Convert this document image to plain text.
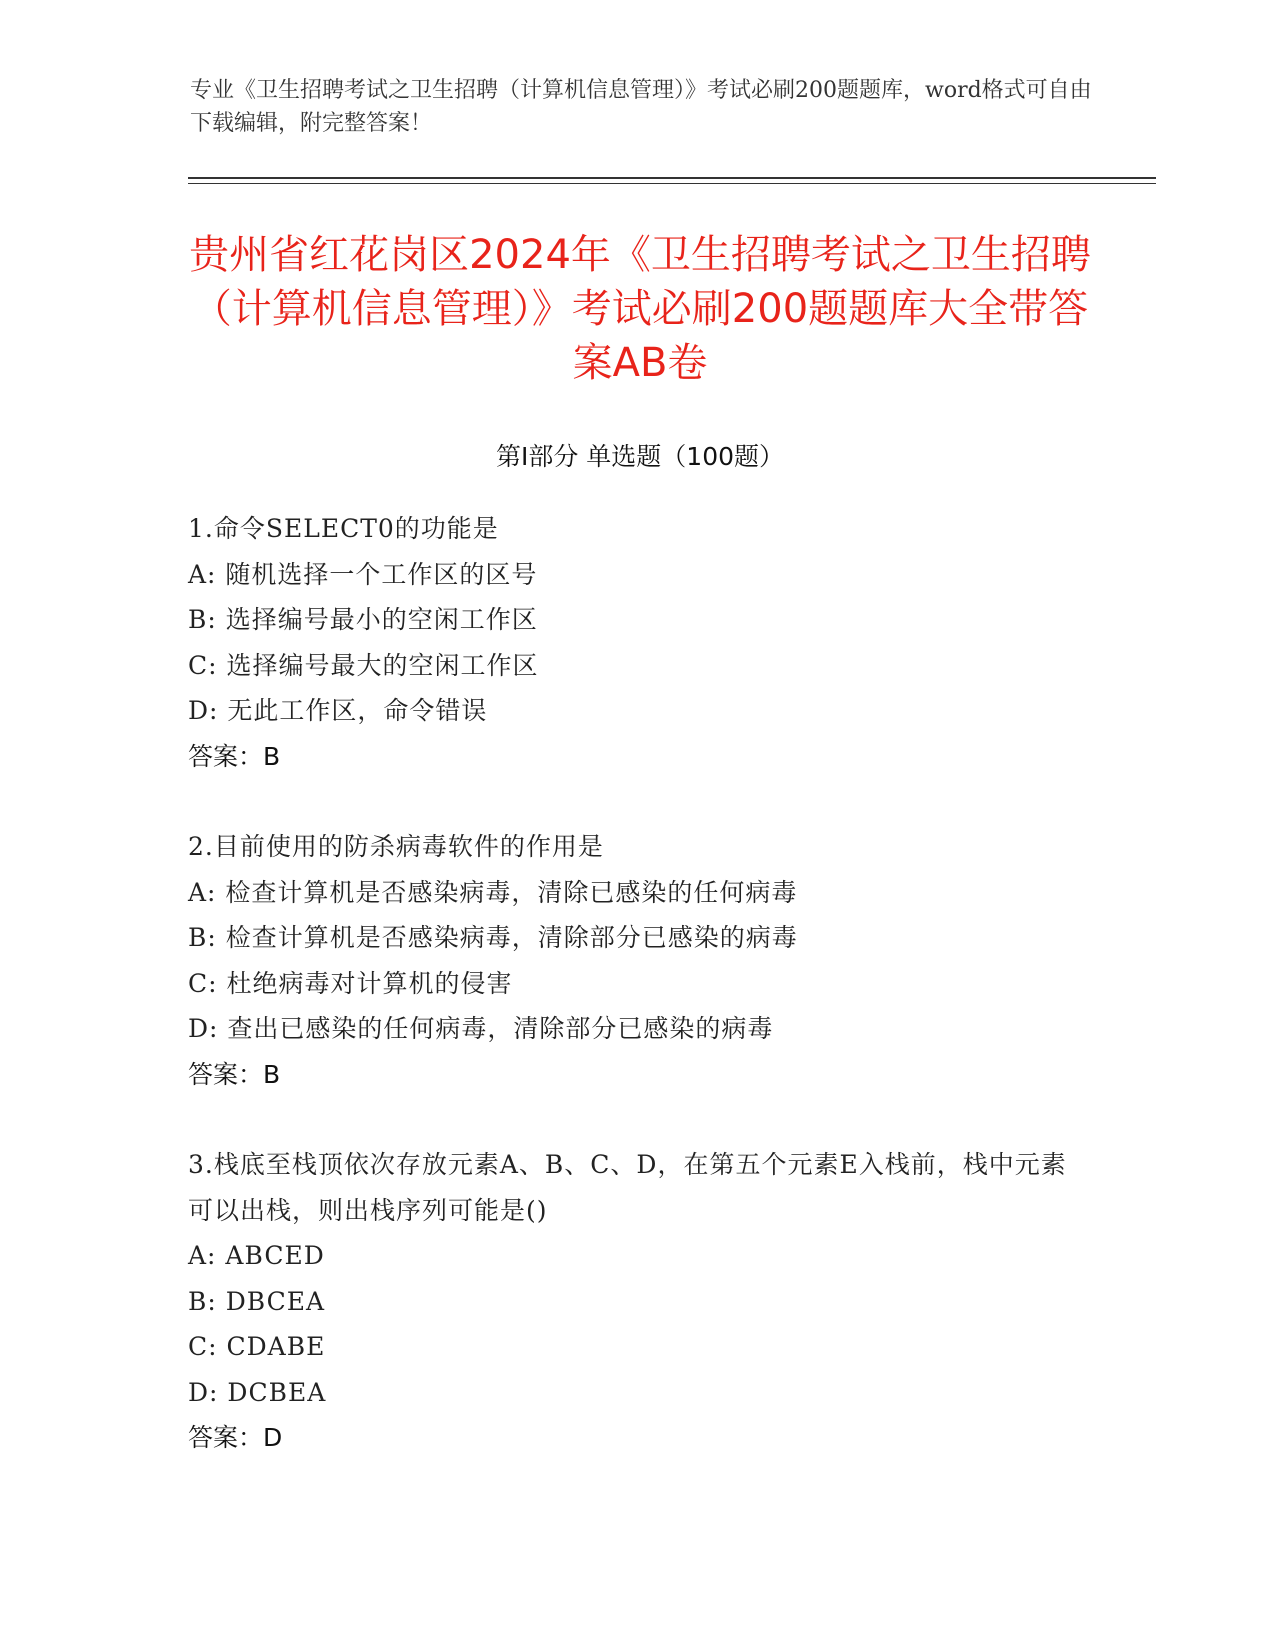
专业《卫生招聘考试之卫生招聘（计算机信息管理）》考试必刷200题题库，word格式可自由下载编辑，附完整答案！
贵州省红花岗区2024年《卫生招聘考试之卫生招聘（计算机信息管理）》考试必刷200题题库大全带答案AB卷
第Ⅰ部分 单选题（100题）
1.命令SELECT0的功能是
A: 随机选择一个工作区的区号
B: 选择编号最小的空闲工作区
C: 选择编号最大的空闲工作区
D: 无此工作区，命令错误
答案：B
2.目前使用的防杀病毒软件的作用是
A: 检查计算机是否感染病毒，清除已感染的任何病毒
B: 检查计算机是否感染病毒，清除部分已感染的病毒
C: 杜绝病毒对计算机的侵害
D: 查出已感染的任何病毒，清除部分已感染的病毒
答案：B
3.栈底至栈顶依次存放元素A、B、C、D，在第五个元素E入栈前，栈中元素可以出栈，则出栈序列可能是()
A: ABCED
B: DBCEA
C: CDABE
D: DCBEA
答案：D
